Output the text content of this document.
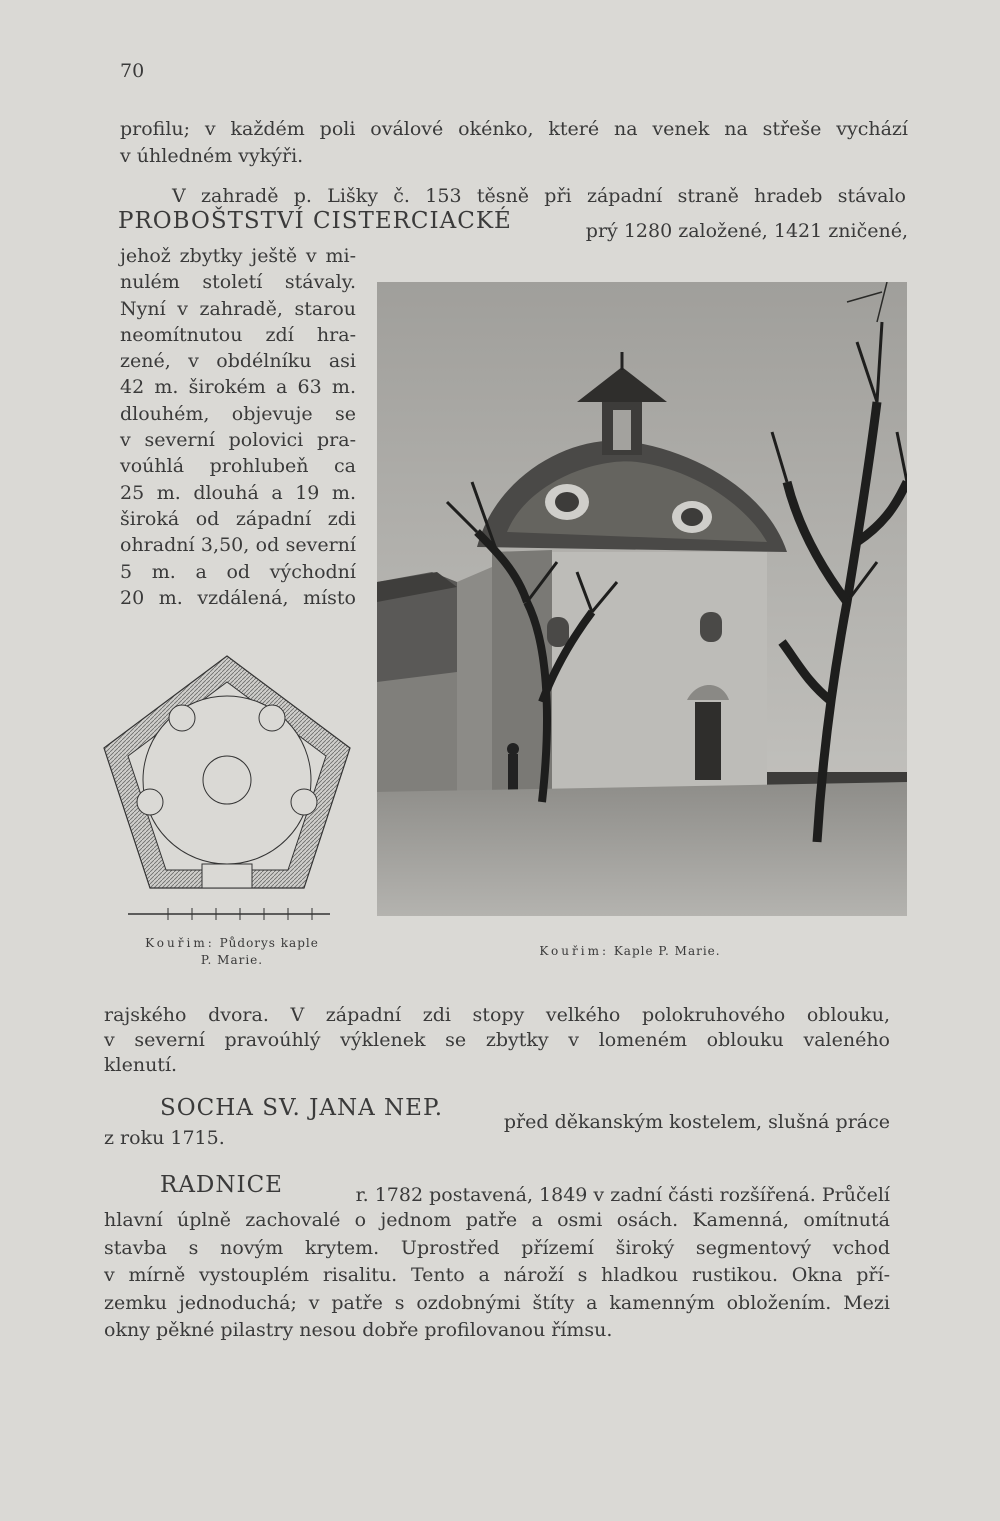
70
profilu; v každém poli oválové okénko, které na venek na střeše vychází
v úhledném vykýři.
V zahradě p. Lišky č. 153 těsně při západní straně hradeb stávalo
PROBOŠTSTVÍ CISTERCIACKÉ	prý 1280 založené, 1421 zničené,
jehož zbytky ještě v mi-
nulém století stávaly.
Nyní v zahradě, starou
neomítnutou zdí hra-
zené, v obdélníku asi
42 m. širokém a 63 m.
dlouhém, objevuje se
v severní polovici pra-
voúhlá prohlubeň ca
25 m. dlouhá a 19 m.
široká od západní zdi
ohradní 3,50, od severní
5 m. a od východní
20 m. vzdálená, místo
Kouřim: Půdorys kaple
P. Marie.
Kouřim: Kaple P. Marie.
rajského dvora. V západní zdi stopy velkého polokruhového oblouku,
v severní pravoúhlý výklenek se zbytky v lomeném oblouku valeného
klenutí.
SOCHA SV. JANA NEP.
před děkanským kostelem, slušná práce
z roku 1715.
RADNICE	r. 1782 postavená, 1849 v zadní části rozšířená. Průčelí
hlavní úplně zachovalé o jednom patře a osmi osách. Kamenná, omítnutá
stavba s novým krytem. Uprostřed přízemí široký segmentový vchod
v mírně vystouplém risalitu. Tento a nároží s hladkou rustikou. Okna pří-
zemku jednoduchá; v patře s ozdobnými štíty a kamenným obložením. Mezi
okny pěkné pilastry nesou dobře profilovanou římsu.
